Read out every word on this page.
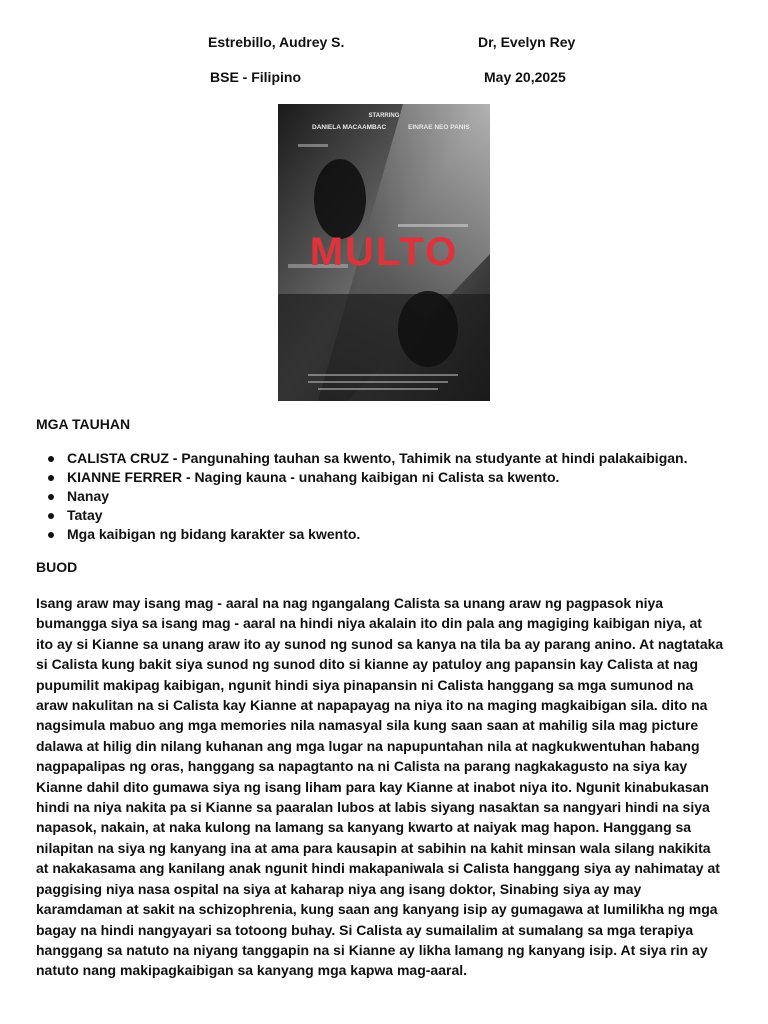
Estrebillo, Audrey S.	Dr, Evelyn Rey
BSE - Filipino	May 20,2025
STARRING
DANIELA MACAAMBAC	EINRAE NEO PANIS
MULTO
MGA TAUHAN
CALISTA CRUZ - Pangunahing tauhan sa kwento, Tahimik na studyante at hindi palakaibigan.
KIANNE FERRER - Naging kauna - unahang kaibigan ni Calista sa kwento.
Nanay
Tatay
Mga kaibigan ng bidang karakter sa kwento.
BUOD
Isang araw may isang mag - aaral na nag ngangalang Calista sa unang araw ng pagpasok niya
bumangga siya sa isang mag - aaral na hindi niya akalain ito din pala ang magiging kaibigan niya, at
ito ay si Kianne sa unang araw ito ay sunod ng sunod sa kanya na tila ba ay parang anino. At nagtataka
si Calista kung bakit siya sunod ng sunod dito si kianne ay patuloy ang papansin kay Calista at nag
pupumilit makipag kaibigan, ngunit hindi siya pinapansin ni Calista hanggang sa mga sumunod na
araw nakulitan na si Calista kay Kianne at napapayag na niya ito na maging magkaibigan sila. dito na
nagsimula mabuo ang mga memories nila namasyal sila kung saan saan at mahilig sila mag picture
dalawa at hilig din nilang kuhanan ang mga lugar na napupuntahan nila at nagkukwentuhan habang
nagpapalipas ng oras, hanggang sa napagtanto na ni Calista na parang nagkakagusto na siya kay
Kianne dahil dito gumawa siya ng isang liham para kay Kianne at inabot niya ito. Ngunit kinabukasan
hindi na niya nakita pa si Kianne sa paaralan lubos at labis siyang nasaktan sa nangyari hindi na siya
napasok, nakain, at naka kulong na lamang sa kanyang kwarto at naiyak mag hapon. Hanggang sa
nilapitan na siya ng kanyang ina at ama para kausapin at sabihin na kahit minsan wala silang nakikita
at nakakasama ang kanilang anak ngunit hindi makapaniwala si Calista hanggang siya ay nahimatay at
paggising niya nasa ospital na siya at kaharap niya ang isang doktor, Sinabing siya ay may
karamdaman at sakit na schizophrenia, kung saan ang kanyang isip ay gumagawa at lumilikha ng mga
bagay na hindi nangyayari sa totoong buhay. Si Calista ay sumailalim at sumalang sa mga terapiya
hanggang sa natuto na niyang tanggapin na si Kianne ay likha lamang ng kanyang isip. At siya rin ay
natuto nang makipagkaibigan sa kanyang mga kapwa mag-aaral.
